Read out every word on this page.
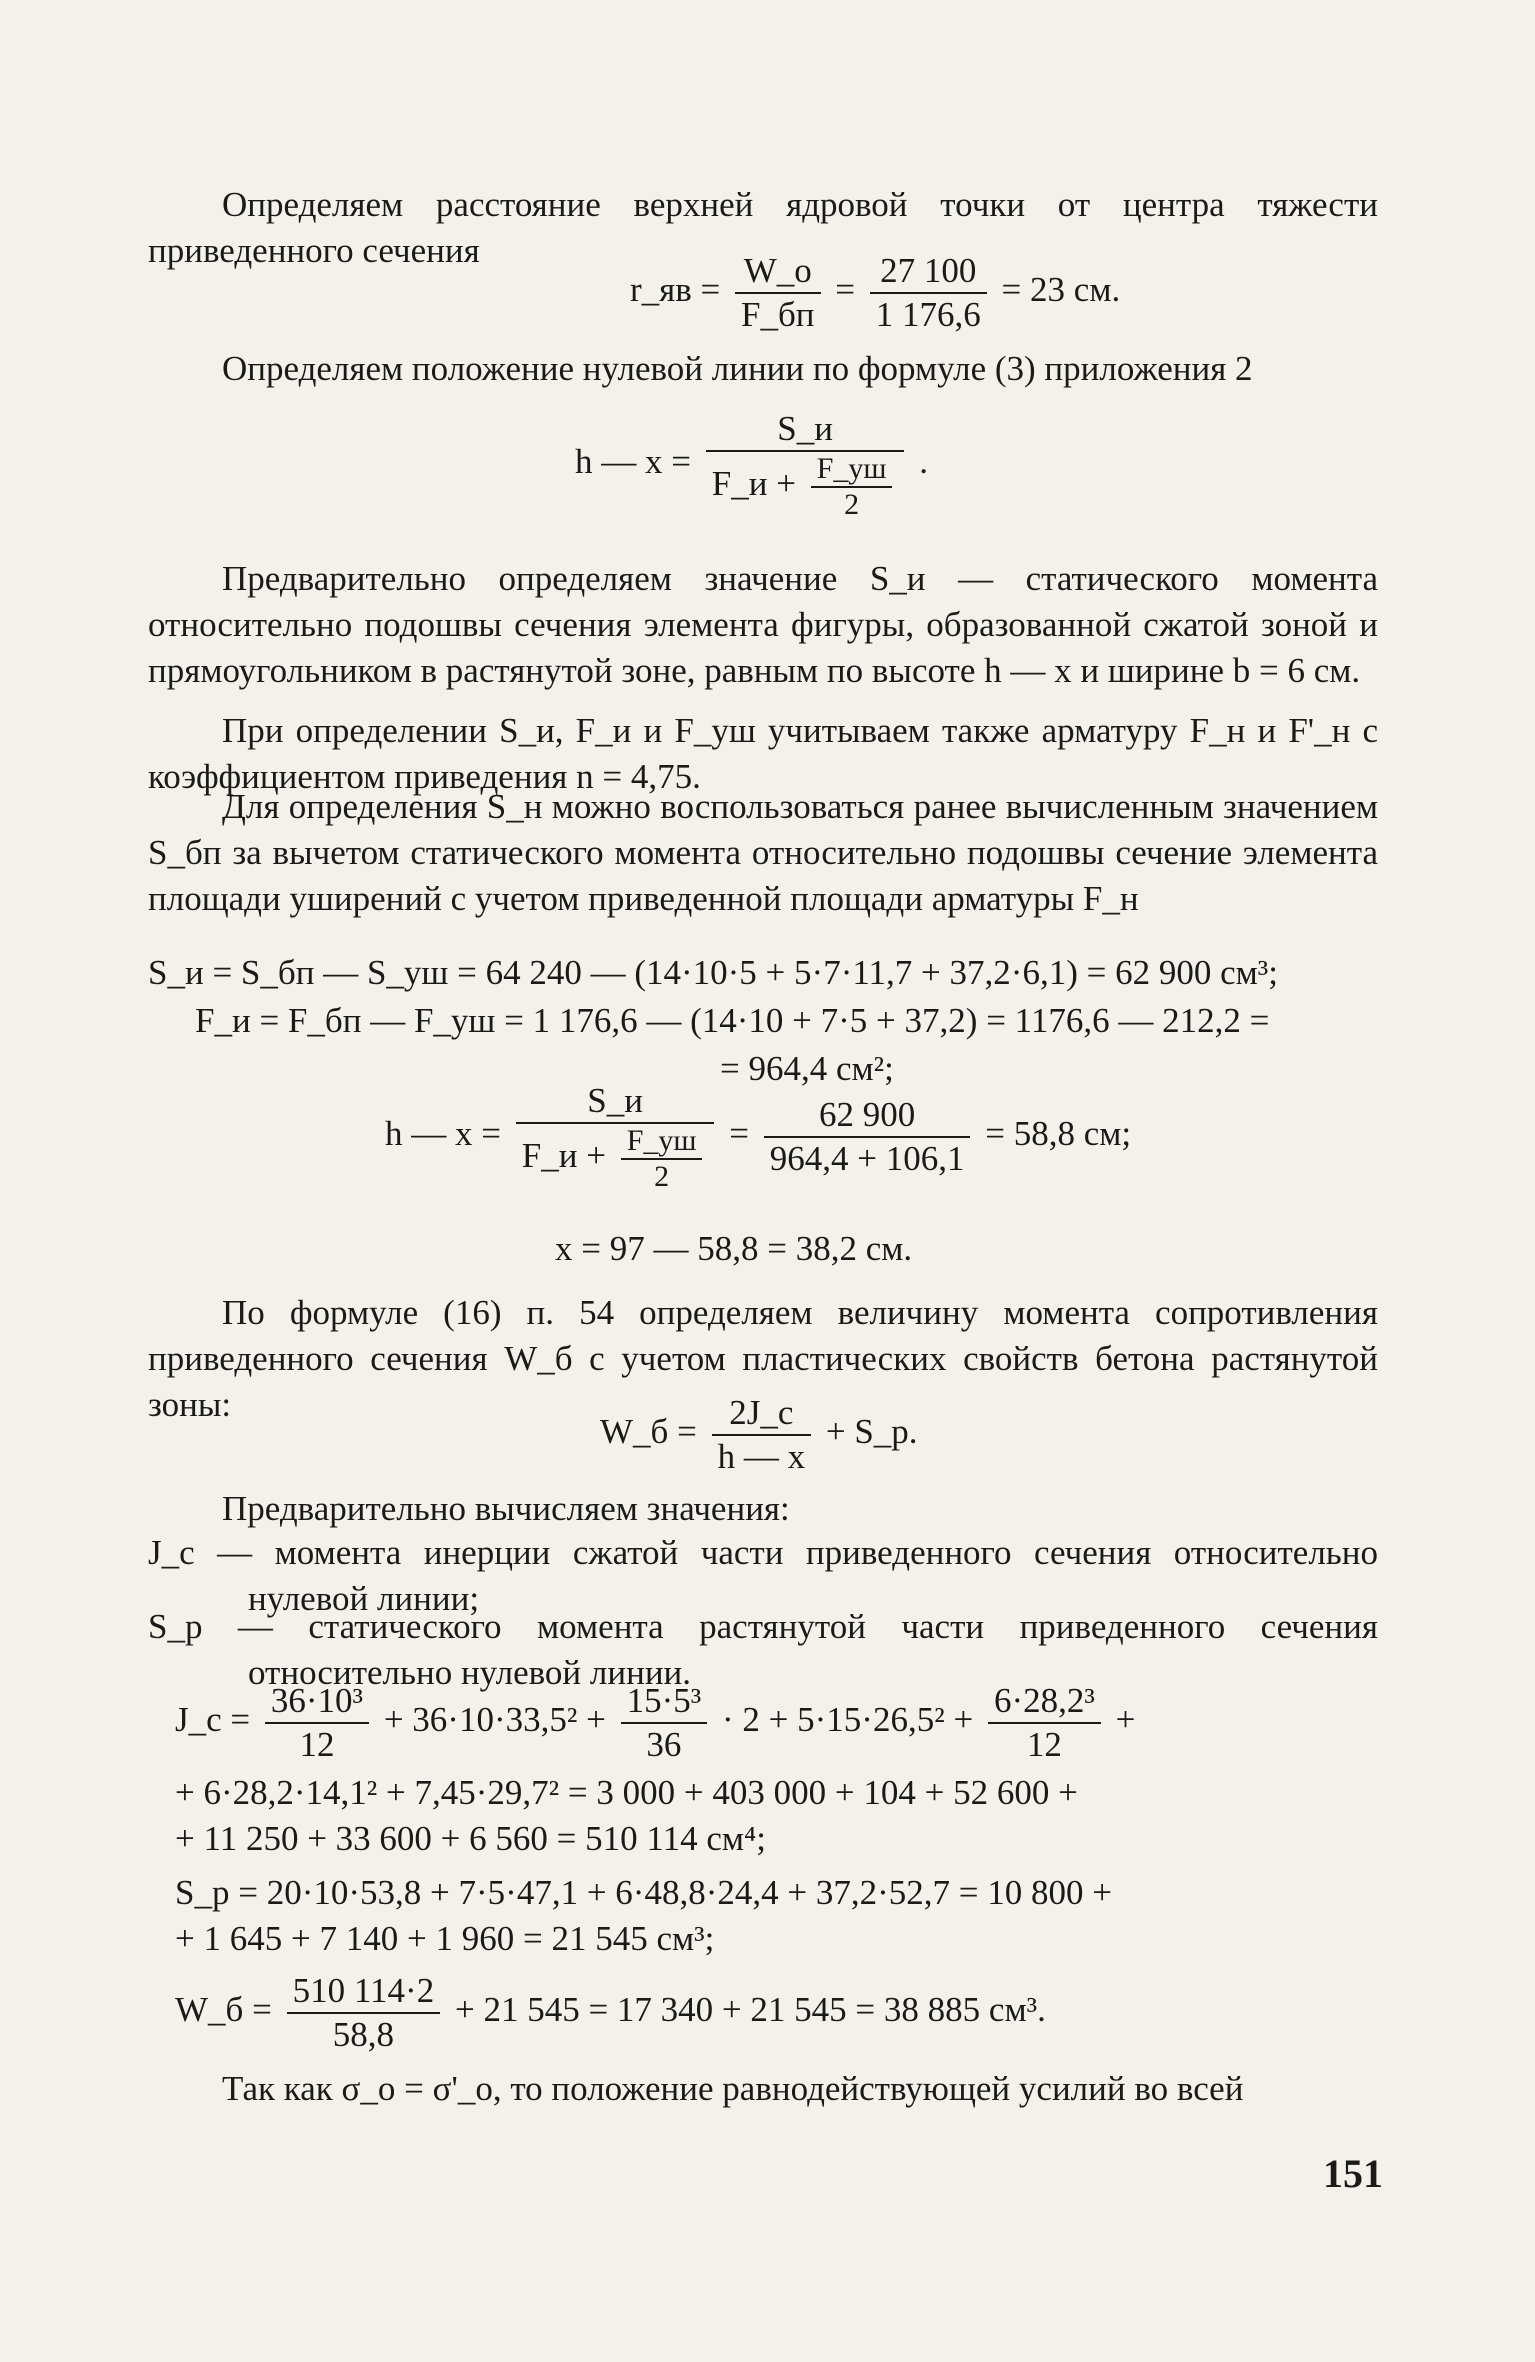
Определяем расстояние верхней ядровой точки от центра тяжести приведенного сечения

r_яв = $\frac{W\_о}{F\_бп} = \frac{27 100}{1 176,6} = 23$ см.

Определяем положение нулевой линии по формуле (3) приложения 2

h — $x = \frac{S\_и}{F\_и + \frac{F\_уш}{2}}$ .

Предварительно определяем значение S_и — статического момента относительно подошвы сечения элемента фигуры, образованной сжатой зоной и прямоугольником в растянутой зоне, равным по высоте h — x и ширине b = 6 см.

При определении S_и, F_и и F_уш учитываем также арматуру F_н и F'_н с коэффициентом приведения n = 4,75.

Для определения S_н можно воспользоваться ранее вычисленным значением S_бп за вычетом статического момента относительно подошвы сечение элемента площади уширений с учетом приведенной площади арматуры F_н

S_и = S_бп — S_уш = 64 240 — (14·10·5 + 5·7·11,7 + 37,2·6,1) = 62 900 см³;
F_и = F_бп — F_уш = 1 176,6 — (14·10 + 7·5 + 37,2) = 1176,6 — 212,2 =
= 964,4 см²;
h — $x = \frac{S\_и}{F\_и + \frac{F\_уш}{2}} = \frac{62 900}{964,4 + 106,1} = 58,8$ см;
x = 97 — 58,8 = 38,2 см.

По формуле (16) п. 54 определяем величину момента сопротивления приведенного сечения W_б с учетом пластических свойств бетона растянутой зоны:

W_б = $\frac{2J\_с}{h — x}$ + S_р.

Предварительно вычисляем значения:

J_с — момента инерции сжатой части приведенного сечения относительно нулевой линии;

S_р — статического момента растянутой части приведенного сечения относительно нулевой линии.

J_с = $\frac{\text{36·10³}}{12} + 36\cdot 10\cdot 33,5^2 + \frac{\text{15·5³}}{36} \cdot 2 + 5\cdot 15\cdot 26,5^2 + \frac{\text{6·28,2³}}{12}$ +
+ 6·28,2·14,1² + 7,45·29,7² = 3 000 + 403 000 + 104 + 52 600 +
+ 11 250 + 33 600 + 6 560 = 510 114 см⁴;
S_р = 20·10·53,8 + 7·5·47,1 + 6·48,8·24,4 + 37,2·52,7 = 10 800 +
+ 1 645 + 7 140 + 1 960 = 21 545 см³;
W_б = $\frac{510 114\cdot 2}{58,8} + 21$ 545 = 17 340 + 21 545 = 38 885 см³.

Так как σ_о = σ'_о, то положение равнодействующей усилий во всей

151
